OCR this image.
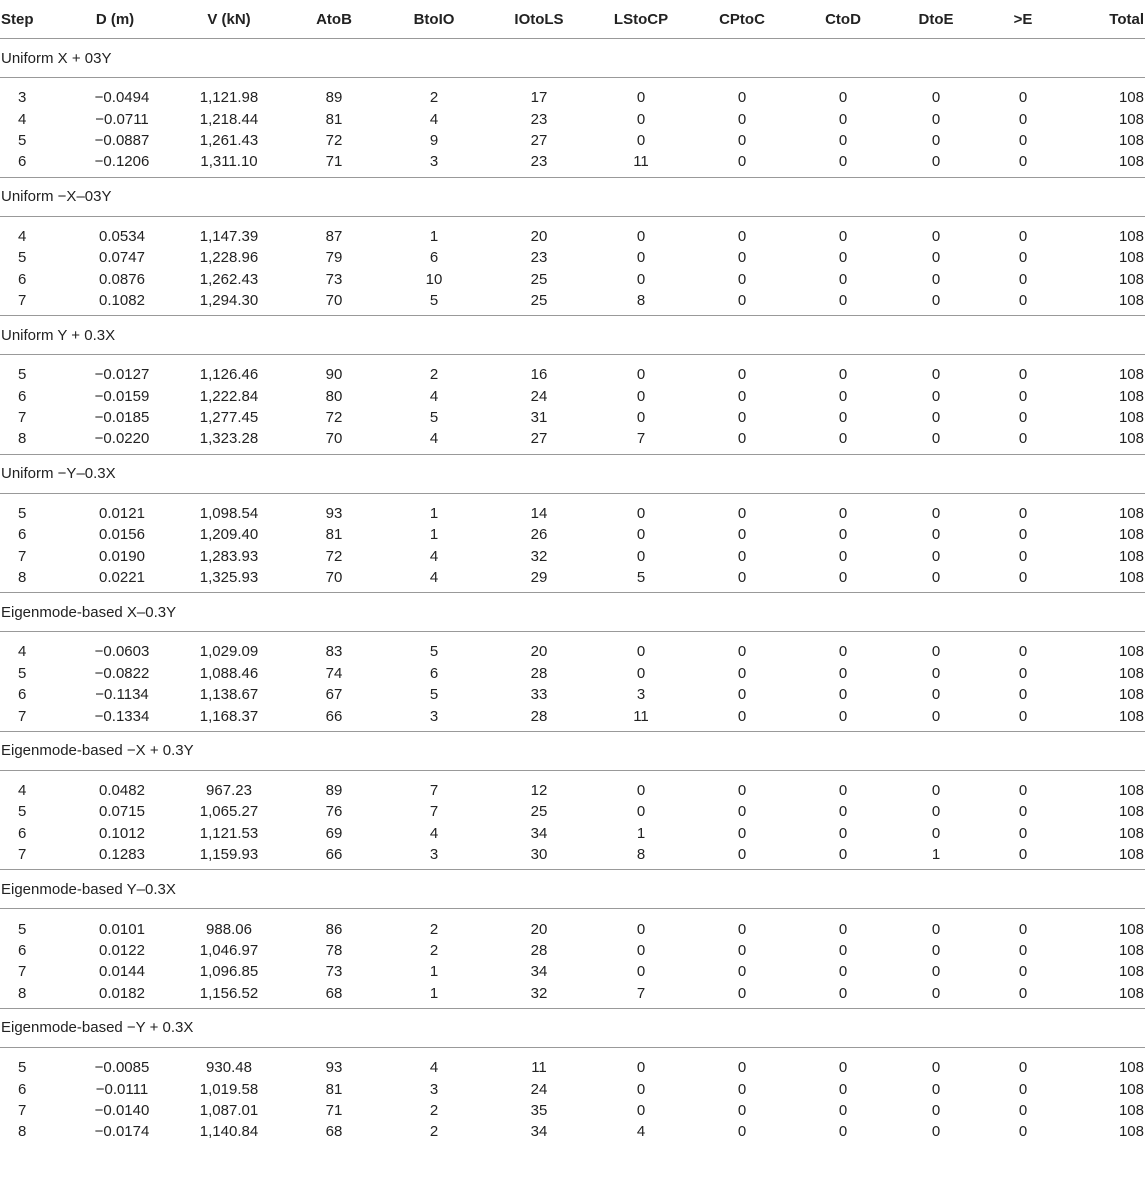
Step	D (m)	V (kN)	AtoB	BtoIO	IOtoLS	LStoCP	CPtoC	CtoD	DtoE	>E	Total
Uniform X + 03Y											

3	−0.0494	1,121.98	89	2	17	0	0	0	0	0	108
4	−0.0711	1,218.44	81	4	23	0	0	0	0	0	108
5	−0.0887	1,261.43	72	9	27	0	0	0	0	0	108
6	−0.1206	1,311.10	71	3	23	11	0	0	0	0	108

Uniform −X–03Y											

4	0.0534	1,147.39	87	1	20	0	0	0	0	0	108
5	0.0747	1,228.96	79	6	23	0	0	0	0	0	108
6	0.0876	1,262.43	73	10	25	0	0	0	0	0	108
7	0.1082	1,294.30	70	5	25	8	0	0	0	0	108

Uniform Y + 0.3X											

5	−0.0127	1,126.46	90	2	16	0	0	0	0	0	108
6	−0.0159	1,222.84	80	4	24	0	0	0	0	0	108
7	−0.0185	1,277.45	72	5	31	0	0	0	0	0	108
8	−0.0220	1,323.28	70	4	27	7	0	0	0	0	108

Uniform −Y–0.3X											

5	0.0121	1,098.54	93	1	14	0	0	0	0	0	108
6	0.0156	1,209.40	81	1	26	0	0	0	0	0	108
7	0.0190	1,283.93	72	4	32	0	0	0	0	0	108
8	0.0221	1,325.93	70	4	29	5	0	0	0	0	108

Eigenmode-based X–0.3Y											

4	−0.0603	1,029.09	83	5	20	0	0	0	0	0	108
5	−0.0822	1,088.46	74	6	28	0	0	0	0	0	108
6	−0.1134	1,138.67	67	5	33	3	0	0	0	0	108
7	−0.1334	1,168.37	66	3	28	11	0	0	0	0	108

Eigenmode-based −X + 0.3Y											

4	0.0482	967.23	89	7	12	0	0	0	0	0	108
5	0.0715	1,065.27	76	7	25	0	0	0	0	0	108
6	0.1012	1,121.53	69	4	34	1	0	0	0	0	108
7	0.1283	1,159.93	66	3	30	8	0	0	1	0	108

Eigenmode-based Y–0.3X											

5	0.0101	988.06	86	2	20	0	0	0	0	0	108
6	0.0122	1,046.97	78	2	28	0	0	0	0	0	108
7	0.0144	1,096.85	73	1	34	0	0	0	0	0	108
8	0.0182	1,156.52	68	1	32	7	0	0	0	0	108

Eigenmode-based −Y + 0.3X											

5	−0.0085	930.48	93	4	11	0	0	0	0	0	108
6	−0.0111	1,019.58	81	3	24	0	0	0	0	0	108
7	−0.0140	1,087.01	71	2	35	0	0	0	0	0	108
8	−0.0174	1,140.84	68	2	34	4	0	0	0	0	108
